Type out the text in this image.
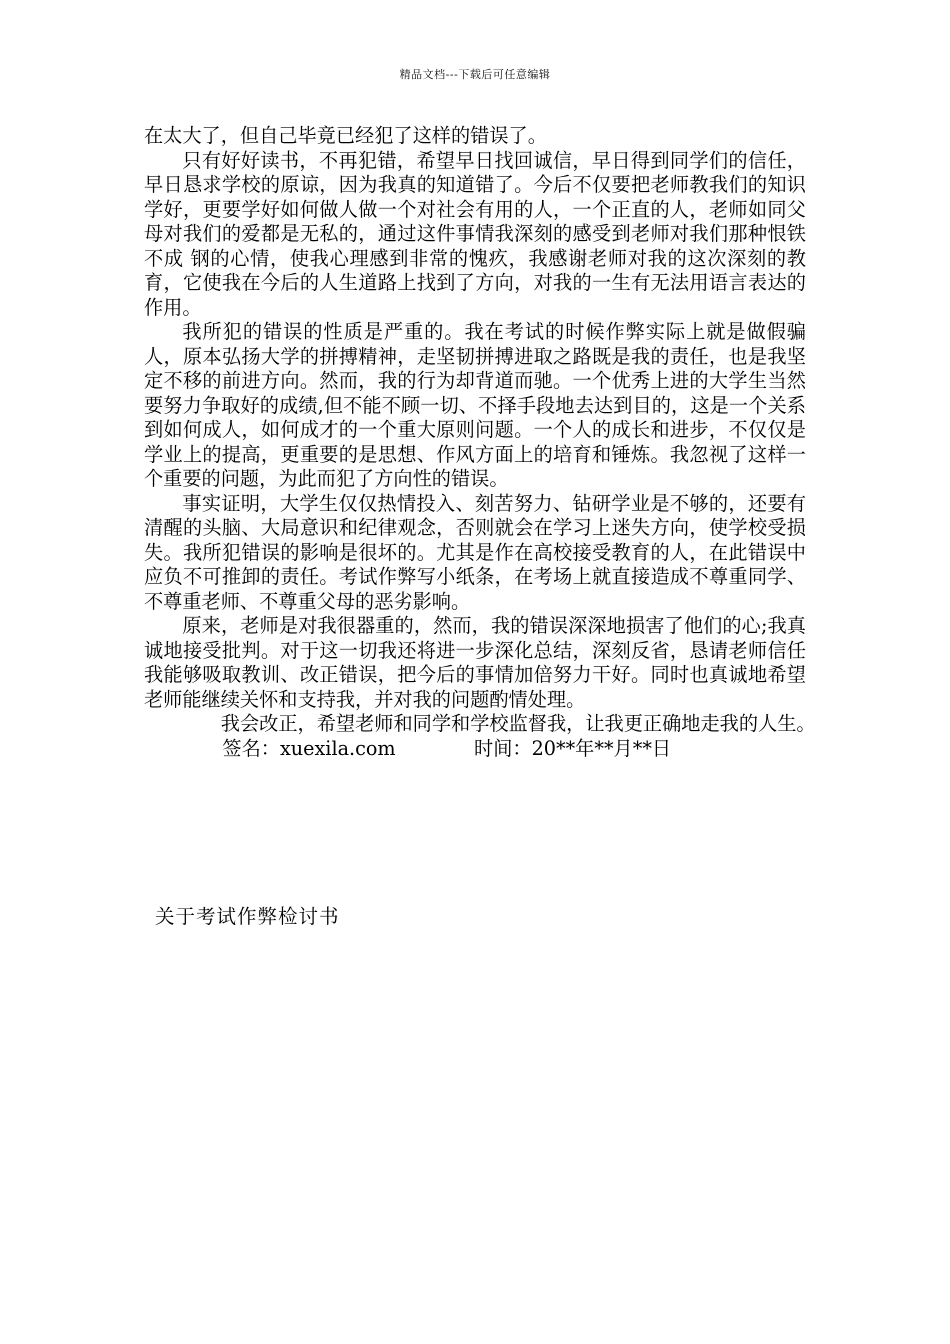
精品文档---下载后可任意编辑

在太大了，但自己毕竟已经犯了这样的错误了。

只有好好读书，不再犯错，希望早日找回诚信，早日得到同学们的信任，早日恳求学校的原谅，因为我真的知道错了。今后不仅要把老师教我们的知识学好，更要学好如何做人做一个对社会有用的人，一个正直的人，老师如同父母对我们的爱都是无私的，通过这件事情我深刻的感受到老师对我们那种恨铁不成 钢的心情，使我心理感到非常的愧疚，我感谢老师对我的这次深刻的教育，它使我在今后的人生道路上找到了方向，对我的一生有无法用语言表达的作用。

我所犯的错误的性质是严重的。我在考试的时候作弊实际上就是做假骗人，原本弘扬大学的拼搏精神，走坚韧拼搏进取之路既是我的责任，也是我坚定不移的前进方向。然而，我的行为却背道而驰。一个优秀上进的大学生当然要努力争取好的成绩,但不能不顾一切、不择手段地去达到目的，这是一个关系到如何成人，如何成才的一个重大原则问题。一个人的成长和进步，不仅仅是学业上的提高，更重要的是思想、作风方面上的培育和锤炼。我忽视了这样一个重要的问题，为此而犯了方向性的错误。

事实证明，大学生仅仅热情投入、刻苦努力、钻研学业是不够的，还要有清醒的头脑、大局意识和纪律观念，否则就会在学习上迷失方向，使学校受损失。我所犯错误的影响是很坏的。尤其是作在高校接受教育的人，在此错误中应负不可推卸的责任。考试作弊写小纸条，在考场上就直接造成不尊重同学、不尊重老师、不尊重父母的恶劣影响。

原来，老师是对我很器重的，然而，我的错误深深地损害了他们的心;我真诚地接受批判。对于这一切我还将进一步深化总结，深刻反省，恳请老师信任我能够吸取教训、改正错误，把今后的事情加倍努力干好。同时也真诚地希望老师能继续关怀和支持我，并对我的问题酌情处理。

我会改正，希望老师和同学和学校监督我，让我更正确地走我的人生。签名：xuexila.com	时间：20**年**月**日

关于考试作弊检讨书
